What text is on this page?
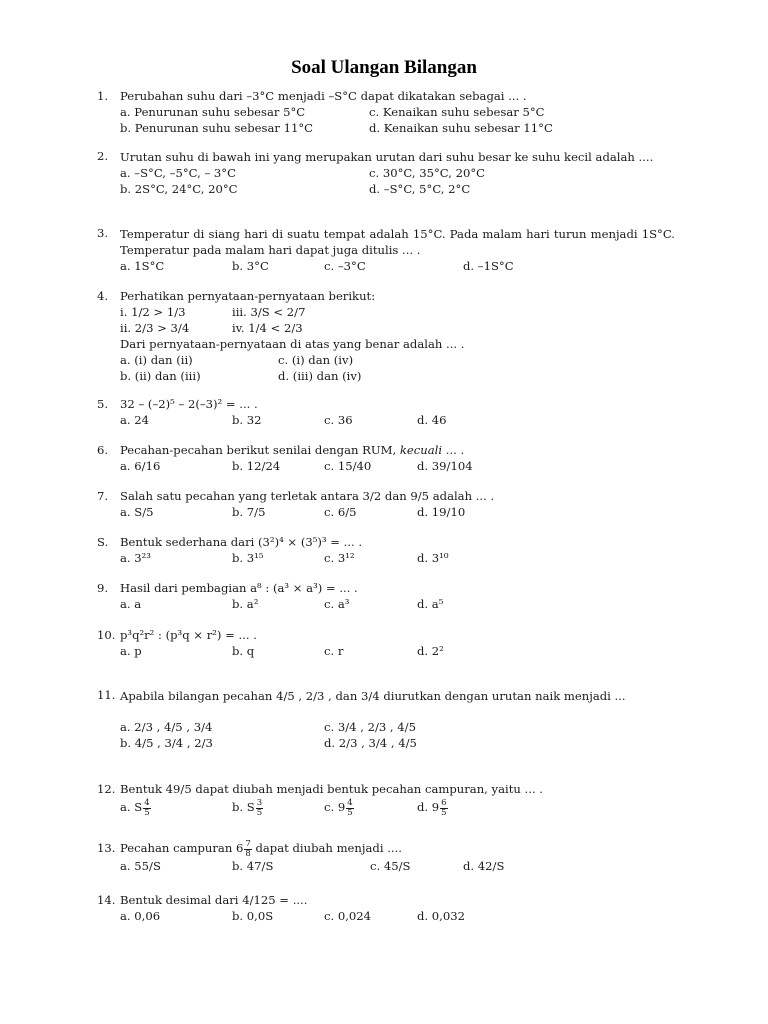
Soal Ulangan Bilangan
1. Perubahan suhu dari –3°C menjadi –S°C dapat dikatakan sebagai ... .
a. Penurunan suhu sebesar 5°C	c. Kenaikan suhu sebesar 5°C
b. Penurunan suhu sebesar 11°C	d. Kenaikan suhu sebesar 11°C
2. Urutan suhu di bawah ini yang merupakan urutan dari suhu besar ke suhu kecil adalah ....
a. –S°C, –5°C, – 3°C	c. 30°C, 35°C, 20°C
b. 2S°C, 24°C, 20°C	d. –S°C, 5°C, 2°C
3. Temperatur di siang hari di suatu tempat adalah 15°C. Pada malam hari turun menjadi 1S°C. Temperatur pada malam hari dapat juga ditulis ... .
a. 1S°C	b. 3°C	c. –3°C	d. –1S°C
4. Perhatikan pernyataan-pernyataan berikut:
i. 1/2 > 1/3	iii. 3/S < 2/7
ii. 2/3 > 3/4	iv. 1/4 < 2/3
Dari pernyataan-pernyataan di atas yang benar adalah ... .
a. (i) dan (ii)	c. (i) dan (iv)
b. (ii) dan (iii)	d. (iii) dan (iv)
5. 32 – (–2)⁵ – 2(–3)² = ... .
a. 24	b. 32	c. 36	d. 46
6. Pecahan-pecahan berikut senilai dengan RUM, kecuali ... .
a. 6/16	b. 12/24	c. 15/40	d. 39/104
7. Salah satu pecahan yang terletak antara 3/2 dan 9/5 adalah ... .
a. S/5	b. 7/5	c. 6/5	d. 19/10
S. Bentuk sederhana dari (3²)⁴ × (3⁵)³ = ... .
a. 3²³	b. 3¹⁵	c. 3¹²	d. 3¹⁰
9. Hasil dari pembagian a⁸ : (a³ × a³) = ... .
a. a	b. a²	c. a³	d. a⁵
10. p³q²r² : (p³q × r²) = ... .
a. p	b. q	c. r	d. 2²
11. Apabila bilangan pecahan 4/5 , 2/3 , dan 3/4 diurutkan dengan urutan naik menjadi ...
a. 2/3 , 4/5 , 3/4	c. 3/4 , 2/3 , 4/5
b. 4/5 , 3/4 , 2/3	d. 2/3 , 3/4 , 4/5
12. Bentuk 49/5 dapat diubah menjadi bentuk pecahan campuran, yaitu ... .
a. S $\frac{4}{5}$	b. S $\frac{3}{5}$	c. $9 \frac{4}{5}$	d. $9 \frac{6}{5}$
13. Pecahan campuran $6 \frac{7}{8}$ dapat diubah menjadi ....
a. 55/S	b. 47/S	c. 45/S	d. 42/S
14. Bentuk desimal dari 4/125 = ....
a. 0,06	b. 0,0S	c. 0,024	d. 0,032
